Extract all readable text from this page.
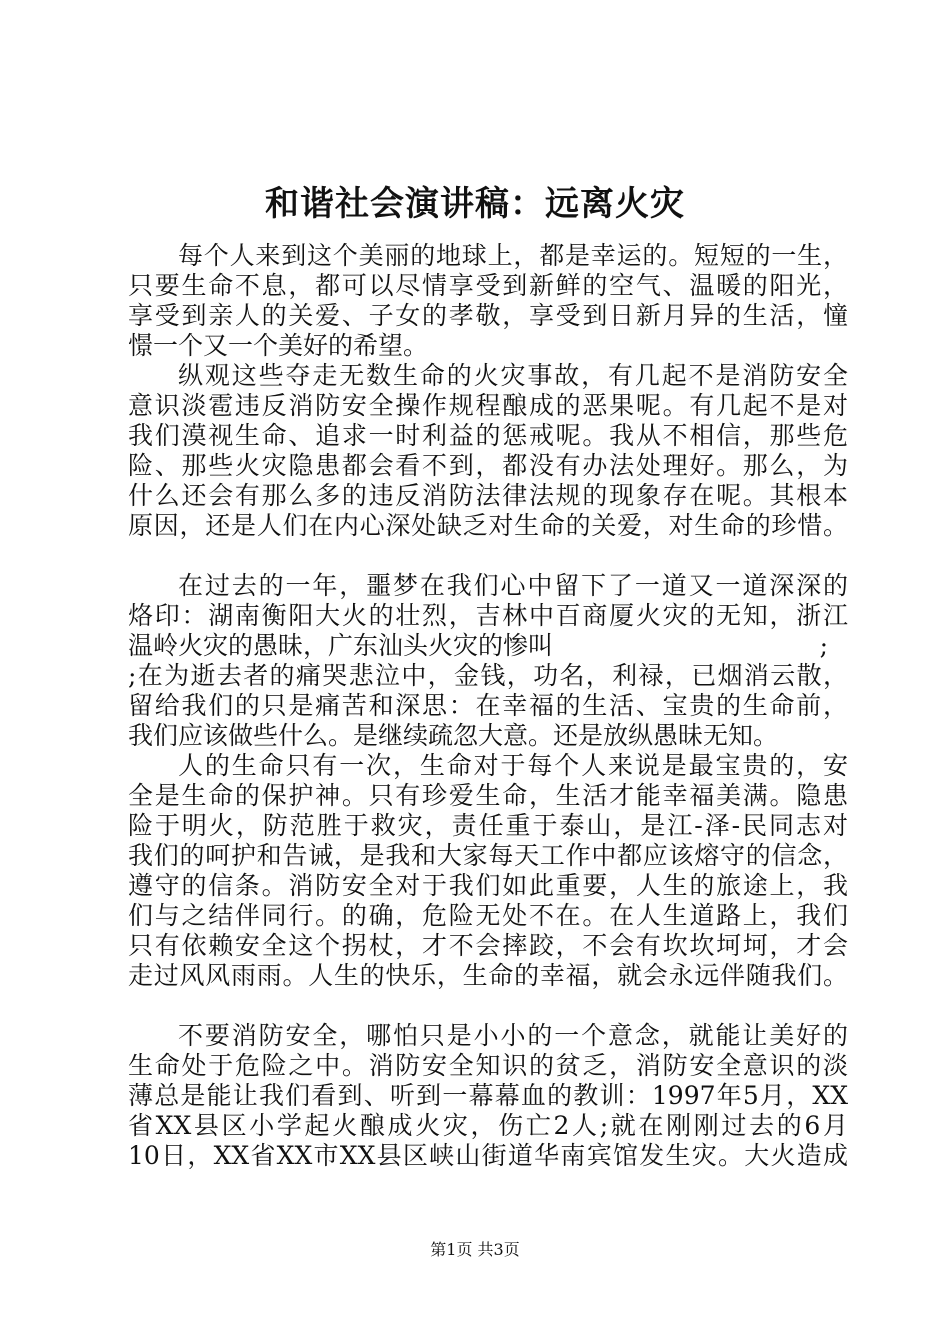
和谐社会演讲稿：远离火灾
每个人来到这个美丽的地球上，都是幸运的。短短的一生，
只要生命不息，都可以尽情享受到新鲜的空气、温暖的阳光，
享受到亲人的关爱、子女的孝敬，享受到日新月异的生活，憧
憬一个又一个美好的希望。
纵观这些夺走无数生命的火灾事故，有几起不是消防安全
意识淡雹违反消防安全操作规程酿成的恶果呢。有几起不是对
我们漠视生命、追求一时利益的惩戒呢。我从不相信，那些危
险、那些火灾隐患都会看不到，都没有办法处理好。那么，为
什么还会有那么多的违反消防法律法规的现象存在呢。其根本
原因，还是人们在内心深处缺乏对生命的关爱，对生命的珍惜。
在过去的一年，噩梦在我们心中留下了一道又一道深深的
烙印：湖南衡阳大火的壮烈，吉林中百商厦火灾的无知，浙江
温岭火灾的愚昧，广东汕头火灾的惨叫	;
;在为逝去者的痛哭悲泣中，金钱，功名，利禄，已烟消云散，
留给我们的只是痛苦和深思：在幸福的生活、宝贵的生命前，
我们应该做些什么。是继续疏忽大意。还是放纵愚昧无知。
人的生命只有一次，生命对于每个人来说是最宝贵的，安
全是生命的保护神。只有珍爱生命，生活才能幸福美满。隐患
险于明火，防范胜于救灾，责任重于泰山，是江-泽-民同志对
我们的呵护和告诫，是我和大家每天工作中都应该熔守的信念，
遵守的信条。消防安全对于我们如此重要，人生的旅途上，我
们与之结伴同行。的确，危险无处不在。在人生道路上，我们
只有依赖安全这个拐杖，才不会摔跤，不会有坎坎坷坷，才会
走过风风雨雨。人生的快乐，生命的幸福，就会永远伴随我们。
不要消防安全，哪怕只是小小的一个意念，就能让美好的
生命处于危险之中。消防安全知识的贫乏，消防安全意识的淡
薄总是能让我们看到、听到一幕幕血的教训：1997年5月，XX
省XX县区小学起火酿成火灾，伤亡2人;就在刚刚过去的6月
10日，XX省XX市XX县区峡山街道华南宾馆发生灾。大火造成
第1页 共3页
